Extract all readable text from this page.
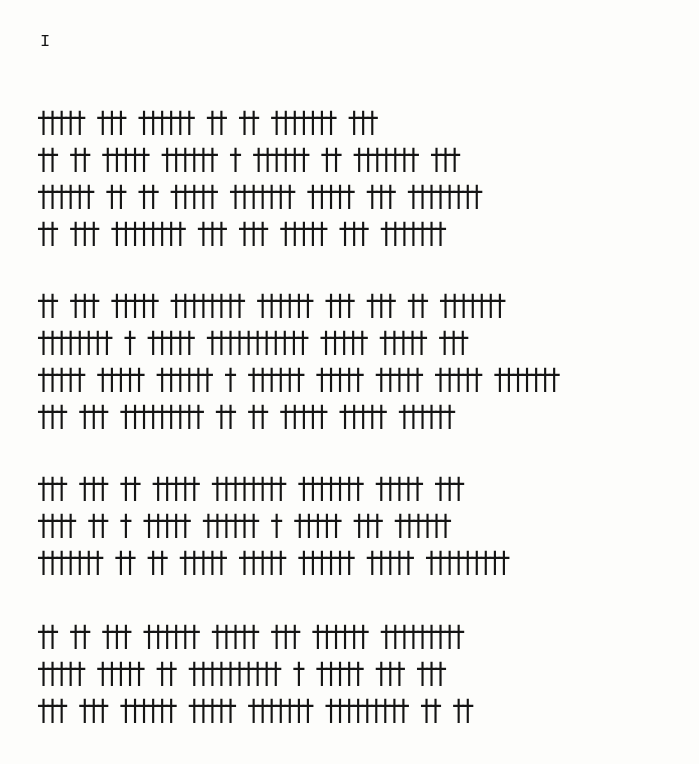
I

††††† ††† †††††† †† †† ††††††† †††
†† †† ††††† †††††† † †††††† †† ††††††† †††
†††††† †† †† ††††† ††††††† ††††† ††† ††††††††
†† ††† †††††††† ††† ††† ††††† ††† †††††††
†† ††† ††††† †††††††† †††††† ††† ††† †† †††††††
†††††††† † ††††† ††††††††††† ††††† ††††† †††
††††† ††††† †††††† † †††††† ††††† ††††† ††††† †††††††
††† ††† ††††††††† †† †† ††††† ††††† ††††††
††† ††† †† ††††† †††††††† ††††††† ††††† †††
†††† †† † ††††† †††††† † ††††† ††† ††††††
††††††† †† †† ††††† ††††† †††††† ††††† †††††††††
†† †† ††† †††††† ††††† ††† †††††† †††††††††
††††† ††††† †† †††††††††† † ††††† ††† †††
††† ††† †††††† ††††† ††††††† ††††††††† †† ††
